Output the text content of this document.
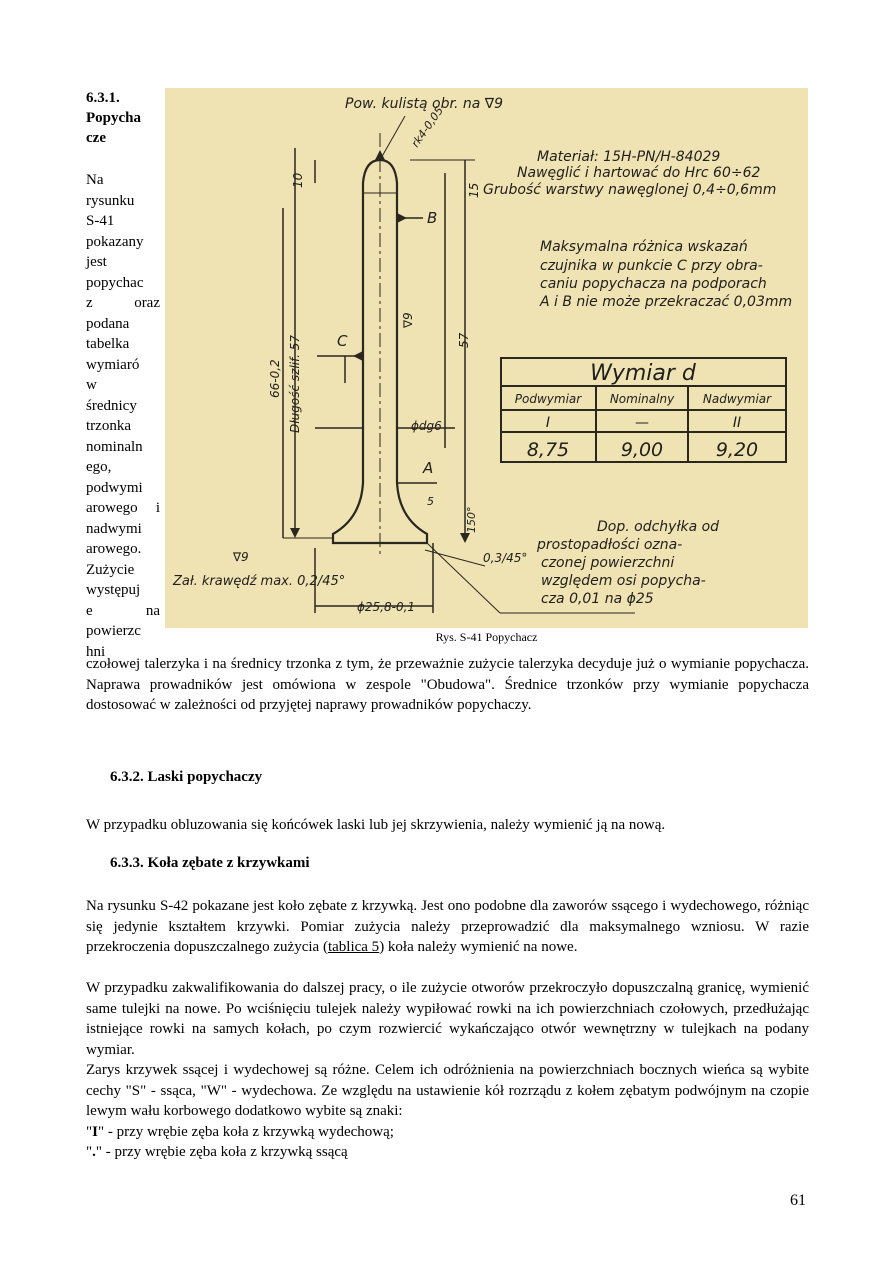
6.3.1.
Popycha
cze
Na
rysunku
S-41
pokazany
jest
popychac
z	oraz
podana
tabelka
wymiaró
w
średnicy
trzonka
nominaln
ego,
podwymi
arowego i
nadwymi
arowego.
Zużycie
występuj
e	na
powierzc
hni
Pow. kulistą obr. na ∇9
rk4-0,05
10
15
57
66-0,2 Długość szlif. 57
∇9
∇9
C
B
A
ϕdg6
150°
5
Zał. krawędź max. 0,2/45°
0,3/45°
ϕ25,8-0,1
Materiał: 15H-PN/H-84029
Nawęglić i hartować do Hrc 60÷62
Grubość warstwy nawęglonej 0,4÷0,6mm
Maksymalna różnica wskazań
czujnika w punkcie C przy obra-
caniu popychacza na podporach
A i B nie może przekraczać 0,03mm
Wymiar d
Podwymiar Nominalny Nadwymiar
I	—	II
8,75	9,00	9,20
Dop. odchyłka od
prostopadłości ozna-
czonej powierzchni
względem osi popycha-
cza 0,01 na ϕ25
Rys. S-41 Popychacz

czołowej talerzyka i na średnicy trzonka z tym, że przeważnie zużycie talerzyka decyduje już o wymianie popychacza. Naprawa prowadników jest omówiona w zespole "Obudowa". Średnice trzonków przy wymianie popychacza dostosować w zależności od przyjętej naprawy prowadników popychaczy.

6.3.2. Laski popychaczy

W przypadku obluzowania się końcówek laski lub jej skrzywienia, należy wymienić ją na nową.

6.3.3. Koła zębate z krzywkami

Na rysunku S-42 pokazane jest koło zębate z krzywką. Jest ono podobne dla zaworów ssącego i wydechowego, różniąc się jedynie kształtem krzywki. Pomiar zużycia należy przeprowadzić dla maksymalnego wzniosu. W razie przekroczenia dopuszczalnego zużycia (tablica 5) koła należy wymienić na nowe.

W przypadku zakwalifikowania do dalszej pracy, o ile zużycie otworów przekroczyło dopuszczalną granicę, wymienić same tulejki na nowe. Po wciśnięciu tulejek należy wypiłować rowki na ich powierzchniach czołowych, przedłużając istniejące rowki na samych kołach, po czym rozwiercić wykańczająco otwór wewnętrzny w tulejkach na podany wymiar.

Zarys krzywek ssącej i wydechowej są różne. Celem ich odróżnienia na powierzchniach bocznych wieńca są wybite cechy "S" - ssąca, "W" - wydechowa. Ze względu na ustawienie kół rozrządu z kołem zębatym podwójnym na czopie lewym wału korbowego dodatkowo wybite są znaki:

"I" - przy wrębie zęba koła z krzywką wydechową;

"." - przy wrębie zęba koła z krzywką ssącą

61
